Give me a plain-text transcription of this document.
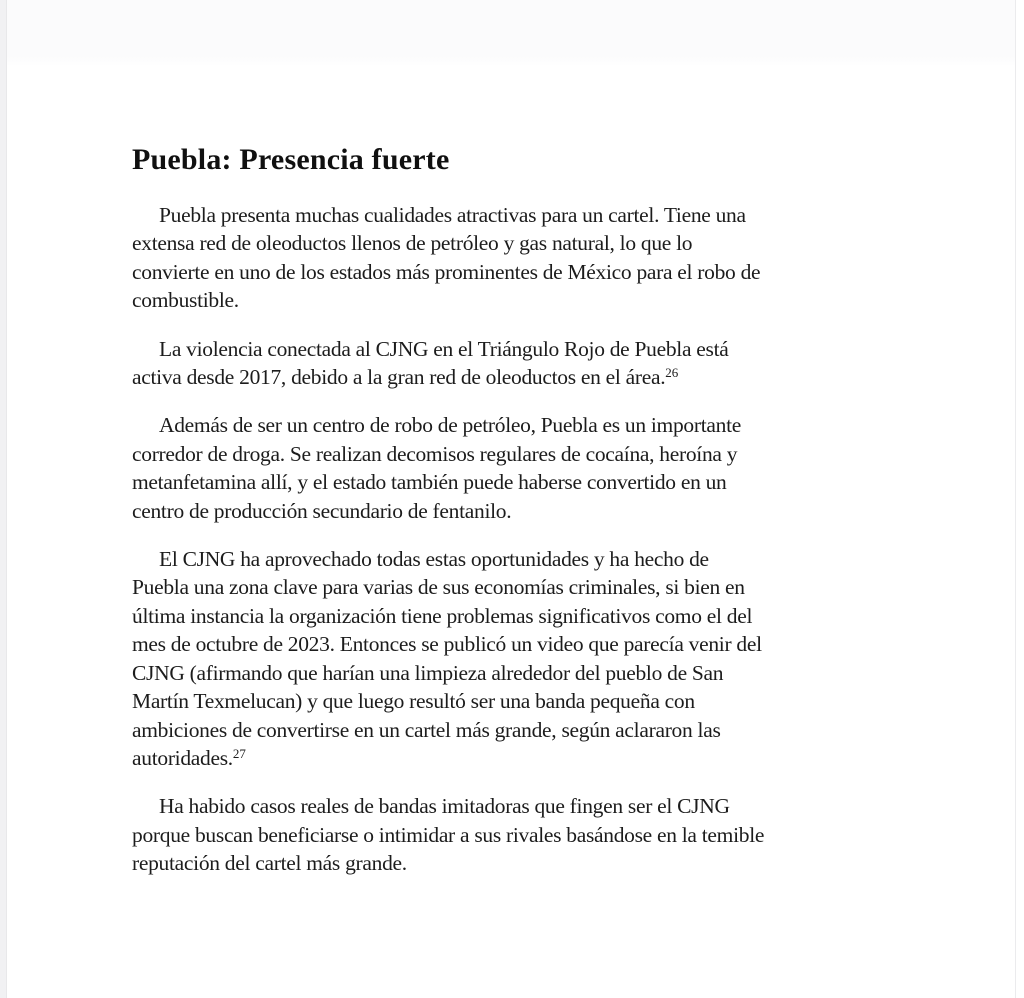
Puebla: Presencia fuerte

Puebla presenta muchas cualidades atractivas para un cartel. Tiene una
extensa red de oleoductos llenos de petróleo y gas natural, lo que lo
convierte en uno de los estados más prominentes de México para el robo de
combustible.

La violencia conectada al CJNG en el Triángulo Rojo de Puebla está
activa desde 2017, debido a la gran red de oleoductos en el área.$^{26}$

Además de ser un centro de robo de petróleo, Puebla es un importante
corredor de droga. Se realizan decomisos regulares de cocaína, heroína y
metanfetamina allí, y el estado también puede haberse convertido en un
centro de producción secundario de fentanilo.

El CJNG ha aprovechado todas estas oportunidades y ha hecho de
Puebla una zona clave para varias de sus economías criminales, si bien en
última instancia la organización tiene problemas significativos como el del
mes de octubre de 2023. Entonces se publicó un video que parecía venir del
CJNG (afirmando que harían una limpieza alrededor del pueblo de San
Martín Texmelucan) y que luego resultó ser una banda pequeña con
ambiciones de convertirse en un cartel más grande, según aclararon las
autoridades.$^{27}$

Ha habido casos reales de bandas imitadoras que fingen ser el CJNG
porque buscan beneficiarse o intimidar a sus rivales basándose en la temible
reputación del cartel más grande.
